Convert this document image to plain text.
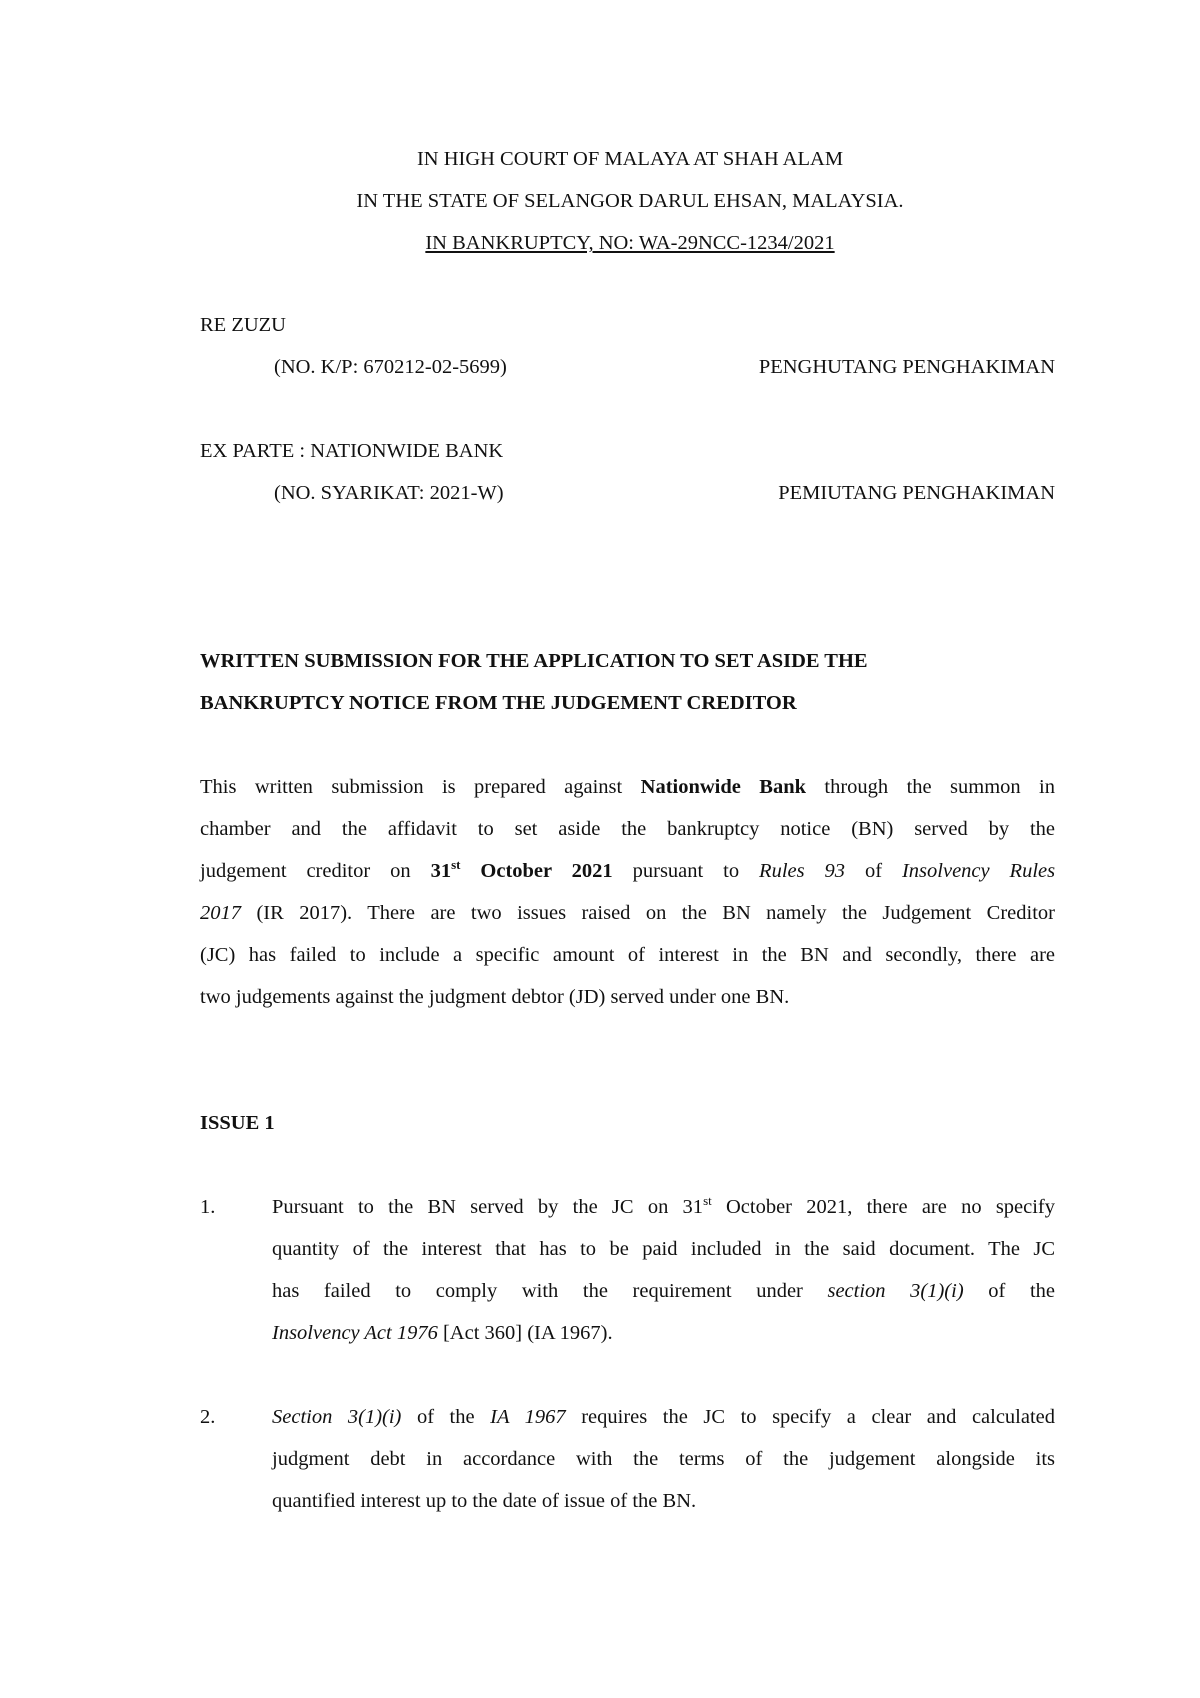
IN HIGH COURT OF MALAYA AT SHAH ALAM
IN THE STATE OF SELANGOR DARUL EHSAN, MALAYSIA.
IN BANKRUPTCY, NO: WA-29NCC-1234/2021
RE ZUZU
(NO. K/P: 670212-02-5699)	PENGHUTANG PENGHAKIMAN
EX PARTE : NATIONWIDE BANK
(NO. SYARIKAT: 2021-W)	PEMIUTANG PENGHAKIMAN
WRITTEN SUBMISSION FOR THE APPLICATION TO SET ASIDE THE
BANKRUPTCY NOTICE FROM THE JUDGEMENT CREDITOR
This written submission is prepared against Nationwide Bank through the summon in
chamber and the affidavit to set aside the bankruptcy notice (BN) served by the
judgement creditor on 31st October 2021 pursuant to Rules 93 of Insolvency Rules
2017 (IR 2017). There are two issues raised on the BN namely the Judgement Creditor
(JC) has failed to include a specific amount of interest in the BN and secondly, there are
two judgements against the judgment debtor (JD) served under one BN.
ISSUE 1
1.	Pursuant to the BN served by the JC on 31st October 2021, there are no specify
quantity of the interest that has to be paid included in the said document. The JC
has failed to comply with the requirement under section 3(1)(i) of the
Insolvency Act 1976 [Act 360] (IA 1967).
2.	Section 3(1)(i) of the IA 1967 requires the JC to specify a clear and calculated
judgment debt in accordance with the terms of the judgement alongside its
quantified interest up to the date of issue of the BN.
